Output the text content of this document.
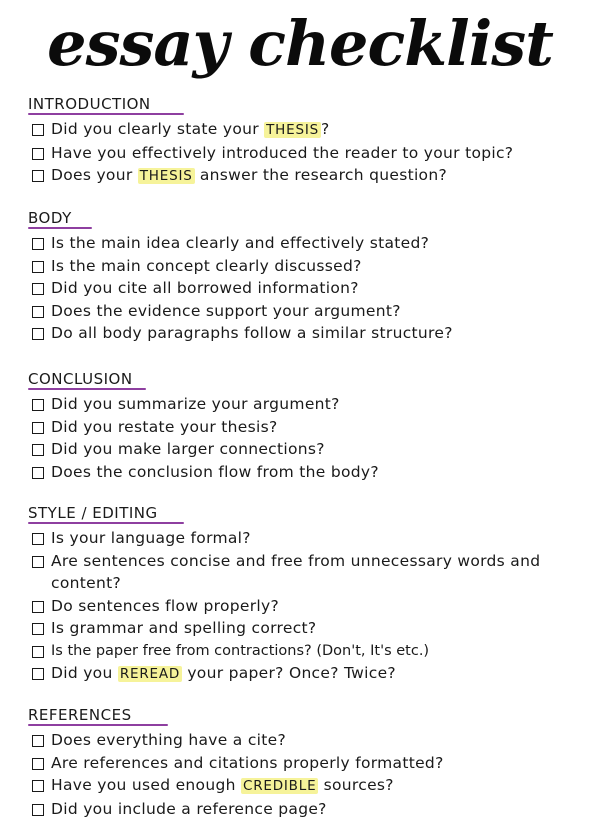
essay checklist
INTRODUCTION
Did you clearly state your THESIS ?
Have you effectively introduced the reader to your topic?
Does your THESIS answer the research question?
BODY
Is the main idea clearly and effectively stated?
Is the main concept clearly discussed?
Did you cite all borrowed information?
Does the evidence support your argument?
Do all body paragraphs follow a similar structure?
CONCLUSION
Did you summarize your argument?
Did you restate your thesis?
Did you make larger connections?
Does the conclusion flow from the body?
STYLE / EDITING
Is your language formal?
Are sentences concise and free from unnecessary words and content?
Do sentences flow properly?
Is grammar and spelling correct?
Is the paper free from contractions? (Don't, It's etc.)
Did you REREAD your paper? Once? Twice?
REFERENCES
Does everything have a cite?
Are references and citations properly formatted?
Have you used enough CREDIBLE sources?
Did you include a reference page?
